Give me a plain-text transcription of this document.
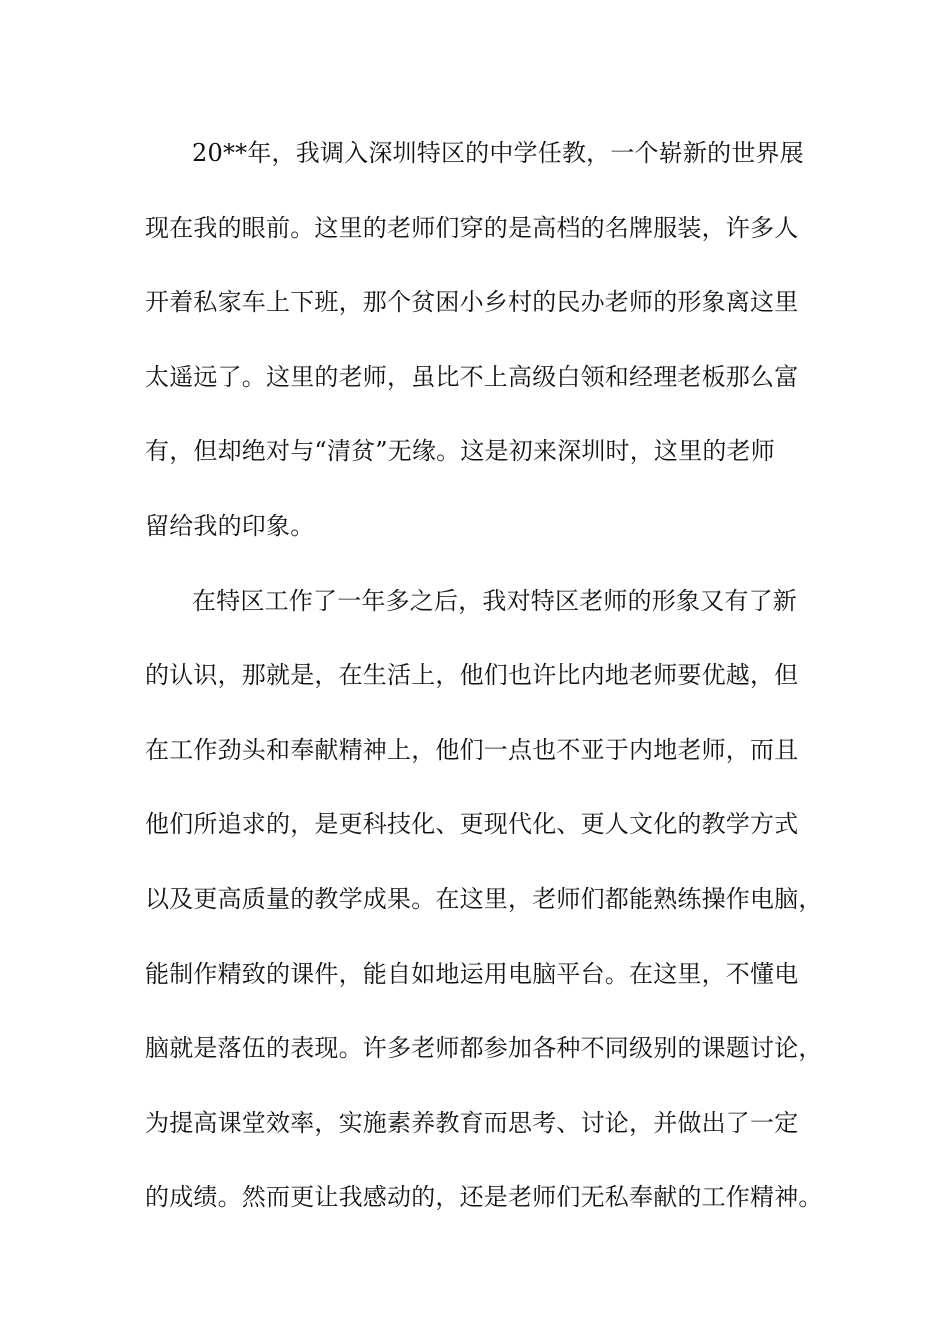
20**年，我调入深圳特区的中学任教，一个崭新的世界展
现在我的眼前。这里的老师们穿的是高档的名牌服装，许多人
开着私家车上下班，那个贫困小乡村的民办老师的形象离这里
太遥远了。这里的老师，虽比不上高级白领和经理老板那么富
有，但却绝对与“清贫”无缘。这是初来深圳时，这里的老师
留给我的印象。
在特区工作了一年多之后，我对特区老师的形象又有了新
的认识，那就是，在生活上，他们也许比内地老师要优越，但
在工作劲头和奉献精神上，他们一点也不亚于内地老师，而且
他们所追求的，是更科技化、更现代化、更人文化的教学方式
以及更高质量的教学成果。在这里，老师们都能熟练操作电脑，
能制作精致的课件，能自如地运用电脑平台。在这里，不懂电
脑就是落伍的表现。许多老师都参加各种不同级别的课题讨论，
为提高课堂效率，实施素养教育而思考、讨论，并做出了一定
的成绩。然而更让我感动的，还是老师们无私奉献的工作精神。
